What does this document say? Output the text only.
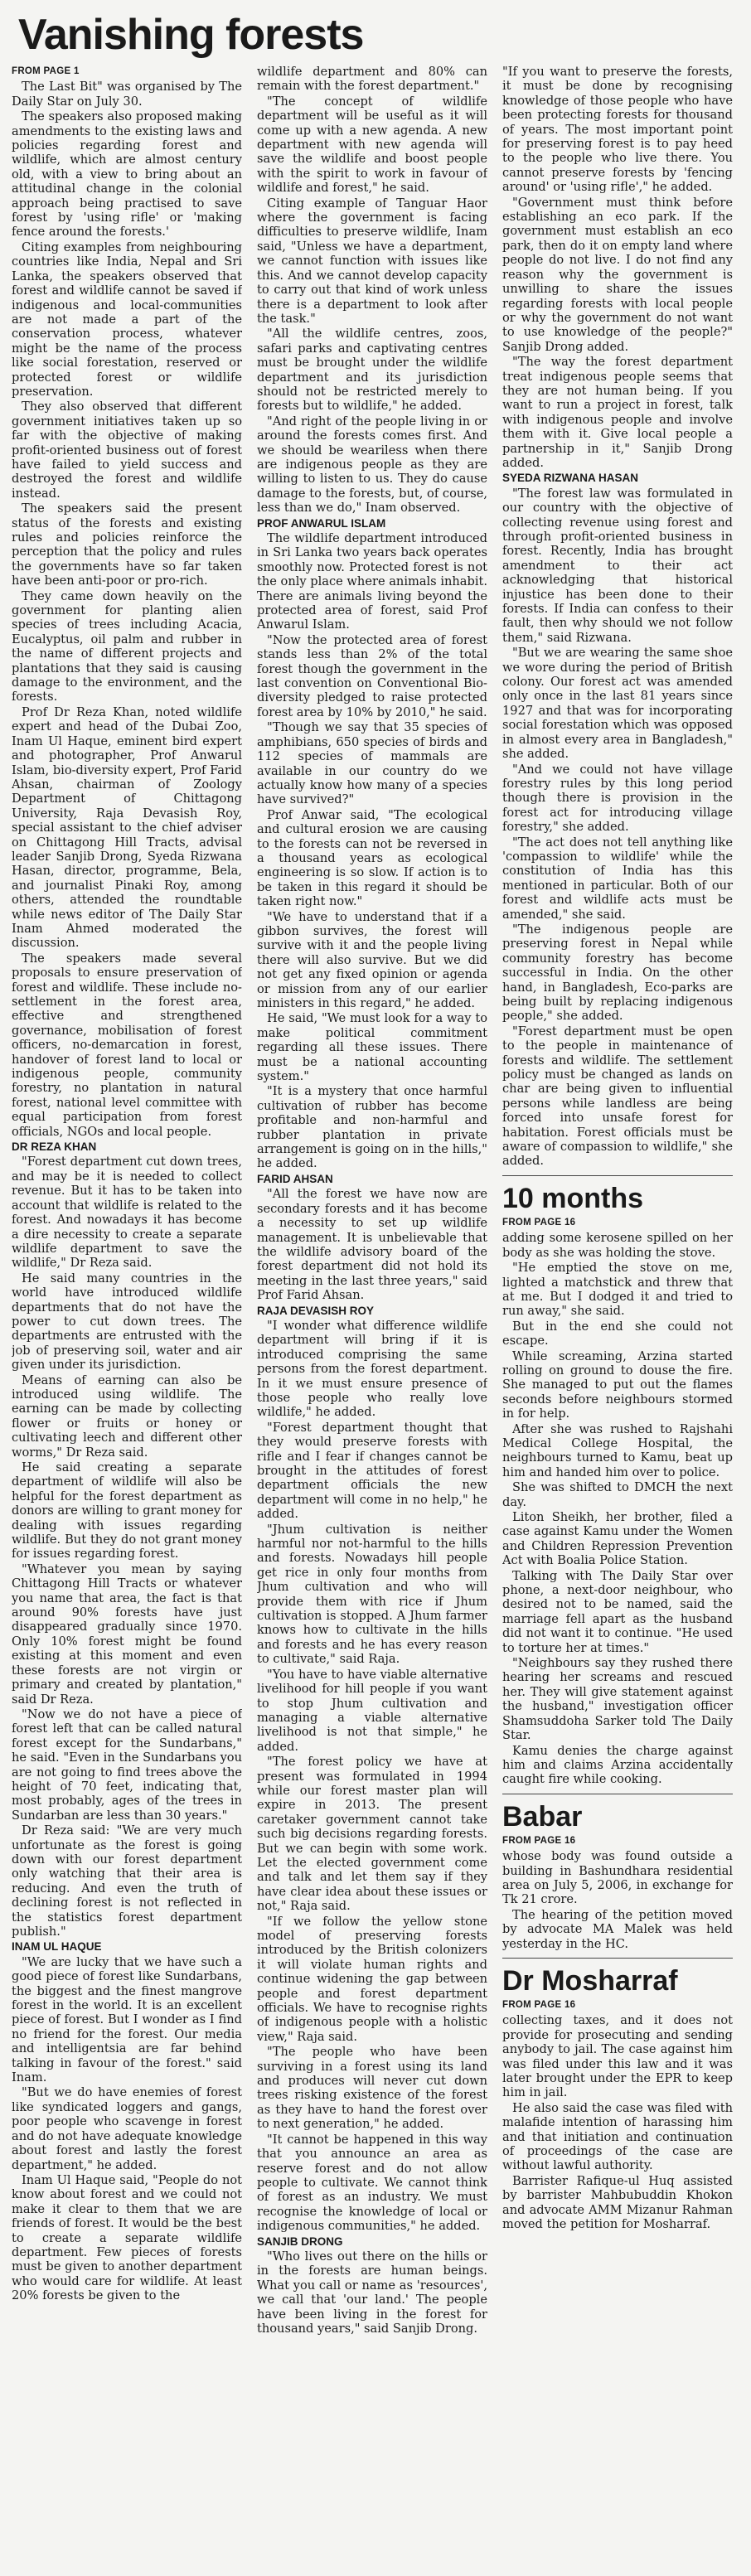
Vanishing forests

FROM PAGE 1

The Last Bit" was organised by The Daily Star on July 30.

The speakers also proposed making amendments to the existing laws and policies regarding forest and wildlife, which are almost century old, with a view to bring about an attitudinal change in the colonial approach being practised to save forest by 'using rifle' or 'making fence around the forests.'

Citing examples from neighbouring countries like India, Nepal and Sri Lanka, the speakers observed that forest and wildlife cannot be saved if indigenous and local-communities are not made a part of the conservation process, whatever might be the name of the process like social forestation, reserved or protected forest or wildlife preservation.

They also observed that different government initiatives taken up so far with the objective of making profit-oriented business out of forest have failed to yield success and destroyed the forest and wildlife instead.

The speakers said the present status of the forests and existing rules and policies reinforce the perception that the policy and rules the governments have so far taken have been anti-poor or pro-rich.

They came down heavily on the government for planting alien species of trees including Acacia, Eucalyptus, oil palm and rubber in the name of different projects and plantations that they said is causing damage to the environment, and the forests.

Prof Dr Reza Khan, noted wildlife expert and head of the Dubai Zoo, Inam Ul Haque, eminent bird expert and photographer, Prof Anwarul Islam, bio-diversity expert, Prof Farid Ahsan, chairman of Zoology Department of Chittagong University, Raja Devasish Roy, special assistant to the chief adviser on Chittagong Hill Tracts, advisal leader Sanjib Drong, Syeda Rizwana Hasan, director, programme, Bela, and journalist Pinaki Roy, among others, attended the roundtable while news editor of The Daily Star Inam Ahmed moderated the discussion.

The speakers made several proposals to ensure preservation of forest and wildlife. These include no-settlement in the forest area, effective and strengthened governance, mobilisation of forest officers, no-demarcation in forest, handover of forest land to local or indigenous people, community forestry, no plantation in natural forest, national level committee with equal participation from forest officials, NGOs and local people.

DR REZA KHAN

"Forest department cut down trees, and may be it is needed to collect revenue. But it has to be taken into account that wildlife is related to the forest. And nowadays it has become a dire necessity to create a separate wildlife department to save the wildlife," Dr Reza said.

He said many countries in the world have introduced wildlife departments that do not have the power to cut down trees. The departments are entrusted with the job of preserving soil, water and air given under its jurisdiction.

Means of earning can also be introduced using wildlife. The earning can be made by collecting flower or fruits or honey or cultivating leech and different other worms," Dr Reza said.

He said creating a separate department of wildlife will also be helpful for the forest department as donors are willing to grant money for dealing with issues regarding wildlife. But they do not grant money for issues regarding forest.

"Whatever you mean by saying Chittagong Hill Tracts or whatever you name that area, the fact is that around 90% forests have just disappeared gradually since 1970. Only 10% forest might be found existing at this moment and even these forests are not virgin or primary and created by plantation," said Dr Reza.

"Now we do not have a piece of forest left that can be called natural forest except for the Sundarbans," he said. "Even in the Sundarbans you are not going to find trees above the height of 70 feet, indicating that, most probably, ages of the trees in Sundarban are less than 30 years."

Dr Reza said: "We are very much unfortunate as the forest is going down with our forest department only watching that their area is reducing. And even the truth of declining forest is not reflected in the statistics forest department publish."

INAM UL HAQUE

"We are lucky that we have such a good piece of forest like Sundarbans, the biggest and the finest mangrove forest in the world. It is an excellent piece of forest. But I wonder as I find no friend for the forest. Our media and intelligentsia are far behind talking in favour of the forest." said Inam.

"But we do have enemies of forest like syndicated loggers and gangs, poor people who scavenge in forest and do not have adequate knowledge about forest and lastly the forest department," he added.

Inam Ul Haque said, "People do not know about forest and we could not make it clear to them that we are friends of forest. It would be the best to create a separate wildlife department. Few pieces of forests must be given to another department who would care for wildlife. At least 20% forests be given to the

wildlife department and 80% can remain with the forest department."

"The concept of wildlife department will be useful as it will come up with a new agenda. A new department with new agenda will save the wildlife and boost people with the spirit to work in favour of wildlife and forest," he said.

Citing example of Tanguar Haor where the government is facing difficulties to preserve wildlife, Inam said, "Unless we have a department, we cannot function with issues like this. And we cannot develop capacity to carry out that kind of work unless there is a department to look after the task."

"All the wildlife centres, zoos, safari parks and captivating centres must be brought under the wildlife department and its jurisdiction should not be restricted merely to forests but to wildlife," he added.

"And right of the people living in or around the forests comes first. And we should be weariless when there are indigenous people as they are willing to listen to us. They do cause damage to the forests, but, of course, less than we do," Inam observed.

PROF ANWARUL ISLAM

The wildlife department introduced in Sri Lanka two years back operates smoothly now. Protected forest is not the only place where animals inhabit. There are animals living beyond the protected area of forest, said Prof Anwarul Islam.

"Now the protected area of forest stands less than 2% of the total forest though the government in the last convention on Conventional Bio-diversity pledged to raise protected forest area by 10% by 2010," he said.

"Though we say that 35 species of amphibians, 650 species of birds and 112 species of mammals are available in our country do we actually know how many of a species have survived?"

Prof Anwar said, "The ecological and cultural erosion we are causing to the forests can not be reversed in a thousand years as ecological engineering is so slow. If action is to be taken in this regard it should be taken right now."

"We have to understand that if a gibbon survives, the forest will survive with it and the people living there will also survive. But we did not get any fixed opinion or agenda or mission from any of our earlier ministers in this regard," he added.

He said, "We must look for a way to make political commitment regarding all these issues. There must be a national accounting system."

"It is a mystery that once harmful cultivation of rubber has become profitable and non-harmful and rubber plantation in private arrangement is going on in the hills," he added.

FARID AHSAN

"All the forest we have now are secondary forests and it has become a necessity to set up wildlife management. It is unbelievable that the wildlife advisory board of the forest department did not hold its meeting in the last three years," said Prof Farid Ahsan.

RAJA DEVASISH ROY

"I wonder what difference wildlife department will bring if it is introduced comprising the same persons from the forest department. In it we must ensure presence of those people who really love wildlife," he added.

"Forest department thought that they would preserve forests with rifle and I fear if changes cannot be brought in the attitudes of forest department officials the new department will come in no help," he added.

"Jhum cultivation is neither harmful nor not-harmful to the hills and forests. Nowadays hill people get rice in only four months from Jhum cultivation and who will provide them with rice if Jhum cultivation is stopped. A Jhum farmer knows how to cultivate in the hills and forests and he has every reason to cultivate," said Raja.

"You have to have viable alternative livelihood for hill people if you want to stop Jhum cultivation and managing a viable alternative livelihood is not that simple," he added.

"The forest policy we have at present was formulated in 1994 while our forest master plan will expire in 2013. The present caretaker government cannot take such big decisions regarding forests. But we can begin with some work. Let the elected government come and talk and let them say if they have clear idea about these issues or not," Raja said.

"If we follow the yellow stone model of preserving forests introduced by the British colonizers it will violate human rights and continue widening the gap between people and forest department officials. We have to recognise rights of indigenous people with a holistic view," Raja said.

"The people who have been surviving in a forest using its land and produces will never cut down trees risking existence of the forest as they have to hand the forest over to next generation," he added.

"It cannot be happened in this way that you announce an area as reserve forest and do not allow people to cultivate. We cannot think of forest as an industry. We must recognise the knowledge of local or indigenous communities," he added.

SANJIB DRONG

"Who lives out there on the hills or in the forests are human beings. What you call or name as 'resources', we call that 'our land.' The people have been living in the forest for thousand years," said Sanjib Drong.

"If you want to preserve the forests, it must be done by recognising knowledge of those people who have been protecting forests for thousand of years. The most important point for preserving forest is to pay heed to the people who live there. You cannot preserve forests by 'fencing around' or 'using rifle'," he added.

"Government must think before establishing an eco park. If the government must establish an eco park, then do it on empty land where people do not live. I do not find any reason why the government is unwilling to share the issues regarding forests with local people or why the government do not want to use knowledge of the people?" Sanjib Drong added.

"The way the forest department treat indigenous people seems that they are not human being. If you want to run a project in forest, talk with indigenous people and involve them with it. Give local people a partnership in it," Sanjib Drong added.

SYEDA RIZWANA HASAN

"The forest law was formulated in our country with the objective of collecting revenue using forest and through profit-oriented business in forest. Recently, India has brought amendment to their act acknowledging that historical injustice has been done to their forests. If India can confess to their fault, then why should we not follow them," said Rizwana.

"But we are wearing the same shoe we wore during the period of British colony. Our forest act was amended only once in the last 81 years since 1927 and that was for incorporating social forestation which was opposed in almost every area in Bangladesh," she added.

"And we could not have village forestry rules by this long period though there is provision in the forest act for introducing village forestry," she added.

"The act does not tell anything like 'compassion to wildlife' while the constitution of India has this mentioned in particular. Both of our forest and wildlife acts must be amended," she said.

"The indigenous people are preserving forest in Nepal while community forestry has become successful in India. On the other hand, in Bangladesh, Eco-parks are being built by replacing indigenous people," she added.

"Forest department must be open to the people in maintenance of forests and wildlife. The settlement policy must be changed as lands on char are being given to influential persons while landless are being forced into unsafe forest for habitation. Forest officials must be aware of compassion to wildlife," she added.

10 months

FROM PAGE 16

adding some kerosene spilled on her body as she was holding the stove.

"He emptied the stove on me, lighted a matchstick and threw that at me. But I dodged it and tried to run away," she said.

But in the end she could not escape.

While screaming, Arzina started rolling on ground to douse the fire. She managed to put out the flames seconds before neighbours stormed in for help.

After she was rushed to Rajshahi Medical College Hospital, the neighbours turned to Kamu, beat up him and handed him over to police.

She was shifted to DMCH the next day.

Liton Sheikh, her brother, filed a case against Kamu under the Women and Children Repression Prevention Act with Boalia Police Station.

Talking with The Daily Star over phone, a next-door neighbour, who desired not to be named, said the marriage fell apart as the husband did not want it to continue. "He used to torture her at times."

"Neighbours say they rushed there hearing her screams and rescued her. They will give statement against the husband," investigation officer Shamsuddoha Sarker told The Daily Star.

Kamu denies the charge against him and claims Arzina accidentally caught fire while cooking.

Babar

FROM PAGE 16

whose body was found outside a building in Bashundhara residential area on July 5, 2006, in exchange for Tk 21 crore.

The hearing of the petition moved by advocate MA Malek was held yesterday in the HC.

Dr Mosharraf

FROM PAGE 16

collecting taxes, and it does not provide for prosecuting and sending anybody to jail. The case against him was filed under this law and it was later brought under the EPR to keep him in jail.

He also said the case was filed with malafide intention of harassing him and that initiation and continuation of proceedings of the case are without lawful authority.

Barrister Rafique-ul Huq assisted by barrister Mahbubuddin Khokon and advocate AMM Mizanur Rahman moved the petition for Mosharraf.
